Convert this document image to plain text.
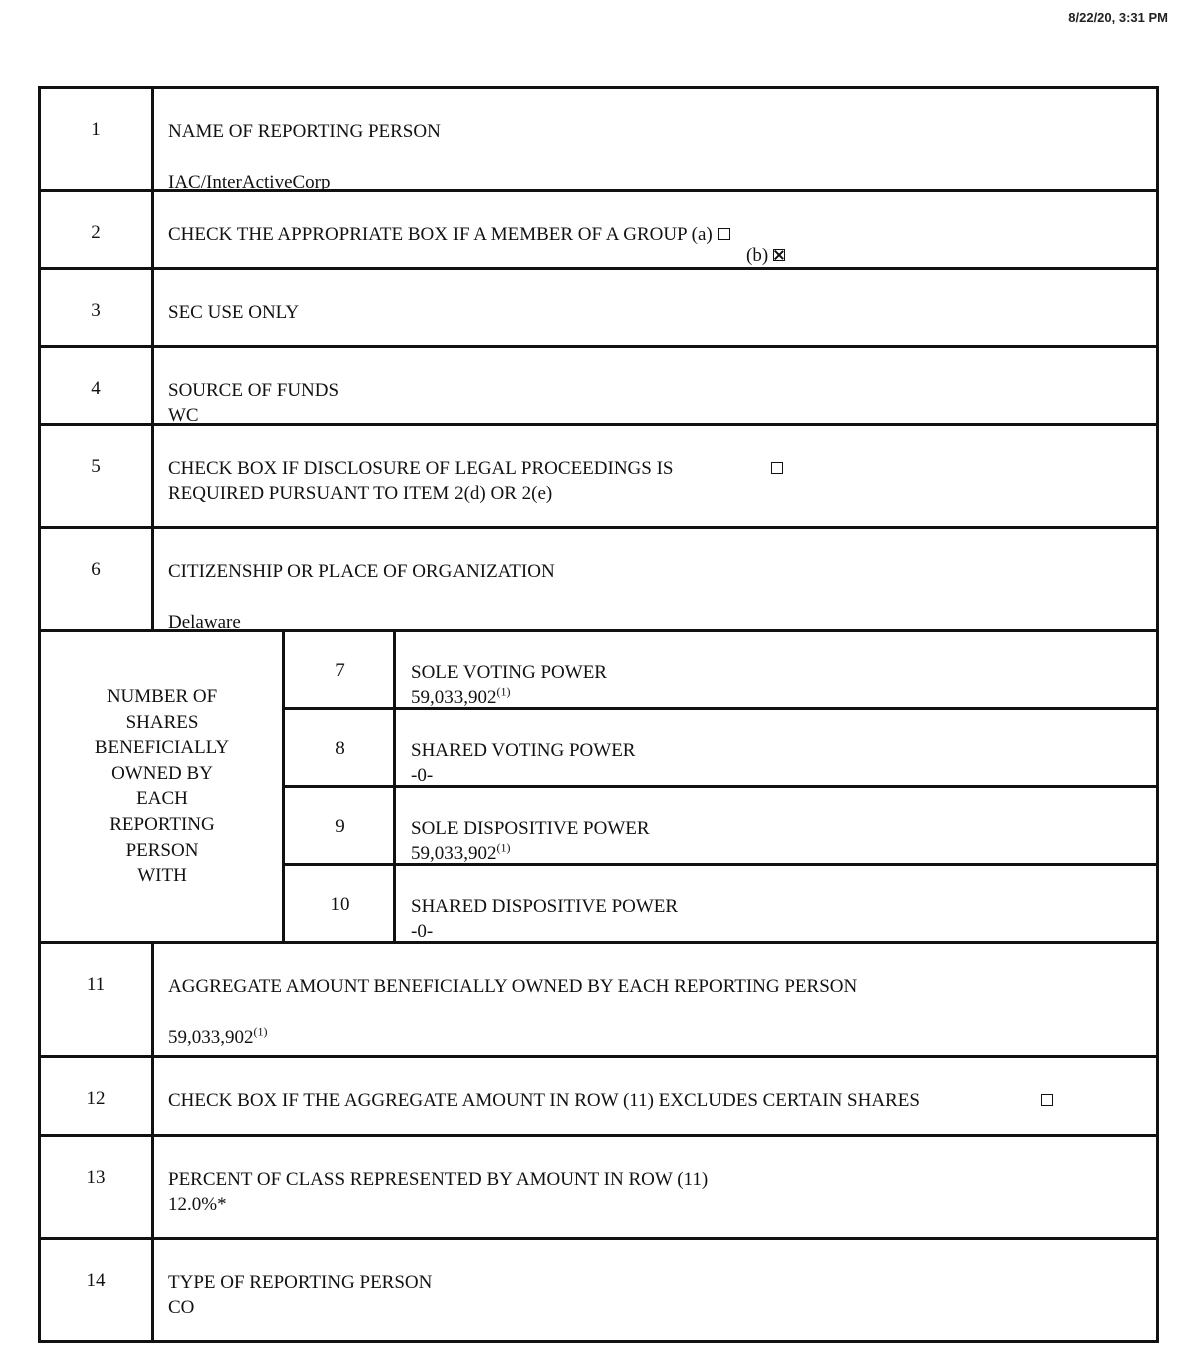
8/22/20, 3:31 PM
1	NAME OF REPORTING PERSON
IAC/InterActiveCorp
2	CHECK THE APPROPRIATE BOX IF A MEMBER OF A GROUP (a)
(b)
3	SEC USE ONLY
4	SOURCE OF FUNDS
WC
5	CHECK BOX IF DISCLOSURE OF LEGAL PROCEEDINGS IS
REQUIRED PURSUANT TO ITEM 2(d) OR 2(e)
6	CITIZENSHIP OR PLACE OF ORGANIZATION
Delaware
NUMBER OF
SHARES
BENEFICIALLY
OWNED BY
EACH
REPORTING
PERSON
WITH
7	SOLE VOTING POWER
59,033,902$^{(1)}$
8	SHARED VOTING POWER
-0-
9	SOLE DISPOSITIVE POWER
59,033,902$^{(1)}$
10	SHARED DISPOSITIVE POWER
-0-
11	AGGREGATE AMOUNT BENEFICIALLY OWNED BY EACH REPORTING PERSON
59,033,902$^{(1)}$
12	CHECK BOX IF THE AGGREGATE AMOUNT IN ROW (11) EXCLUDES CERTAIN SHARES
13	PERCENT OF CLASS REPRESENTED BY AMOUNT IN ROW (11)
12.0%*
14	TYPE OF REPORTING PERSON
CO
